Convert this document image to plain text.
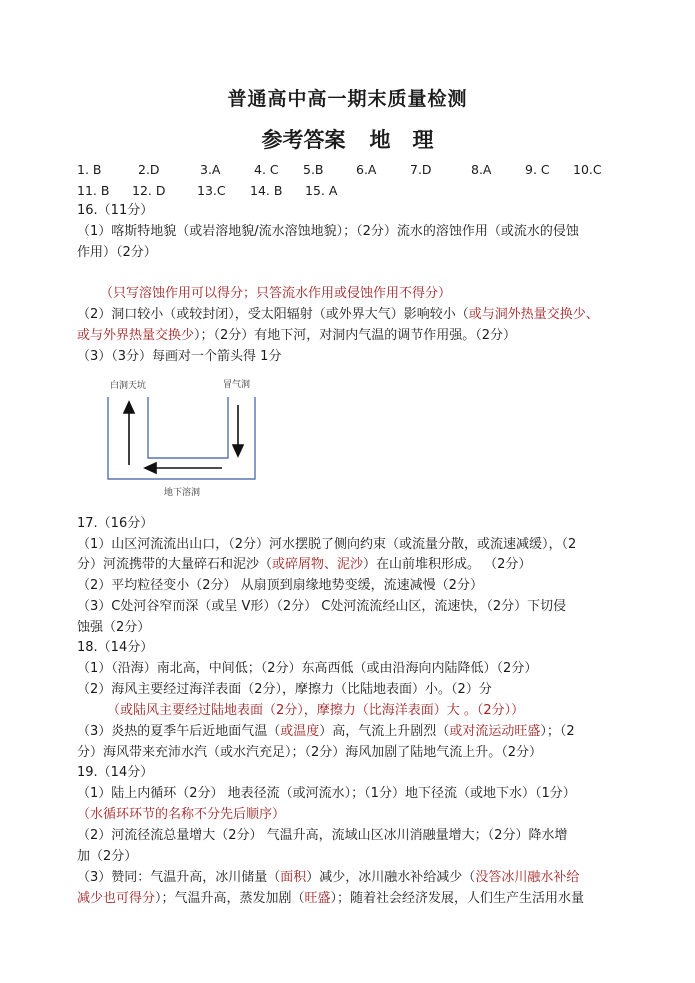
普通高中高一期末质量检测
参考答案 地 理
1. B	2.D	3.A	4. C 5.B	6.A	7.D	8.A	9. C 10.C
11. B 12. D	13.C 14. B 15. A
16.（11分）
（1）喀斯特地貌（或岩溶地貌/流水溶蚀地貌）；（2分）流水的溶蚀作用（或流水的侵蚀
作用）（2分）
（只写溶蚀作用可以得分；只答流水作用或侵蚀作用不得分）
（2）洞口较小（或较封闭），受太阳辐射（或外界大气）影响较小（或与洞外热量交换少、
或与外界热量交换少）；（2分）有地下河，对洞内气温的调节作用强。（2分）
（3）（3分）每画对一个箭头得 1分
白洞天坑	冒气洞
地下溶洞
17.（16分）
（1）山区河流流出山口，（2分）河水摆脱了侧向约束（或流量分散，或流速减缓），（2
分）河流携带的大量碎石和泥沙（或碎屑物、泥沙）在山前堆积形成。 （2分）
（2）平均粒径变小（2分） 从扇顶到扇缘地势变缓，流速减慢（2分）
（3）C处河谷窄而深（或呈 V形）（2分） C处河流流经山区，流速快，（2分）下切侵
蚀强（2分）
18.（14分）
（1）（沿海）南北高，中间低；（2分）东高西低（或由沿海向内陆降低）（2分）
（2）海风主要经过海洋表面（2分），摩擦力（比陆地表面）小。（2）分
（或陆风主要经过陆地表面（2分），摩擦力（比海洋表面）大 。（2分））
（3）炎热的夏季午后近地面气温（或温度）高，气流上升剧烈（或对流运动旺盛）；（2
分）海风带来充沛水汽（或水汽充足）；（2分）海风加剧了陆地气流上升。（2分）
19.（14分）
（1）陆上内循环（2分） 地表径流（或河流水）；（1分）地下径流（或地下水）（1分）
（水循环环节的名称不分先后顺序）
（2）河流径流总量增大（2分） 气温升高，流域山区冰川消融量增大；（2分）降水增
加（2分）
（3）赞同：气温升高，冰川储量（面积）减少，冰川融水补给减少（没答冰川融水补给
减少也可得分）；气温升高，蒸发加剧（旺盛）；随着社会经济发展，人们生产生活用水量
